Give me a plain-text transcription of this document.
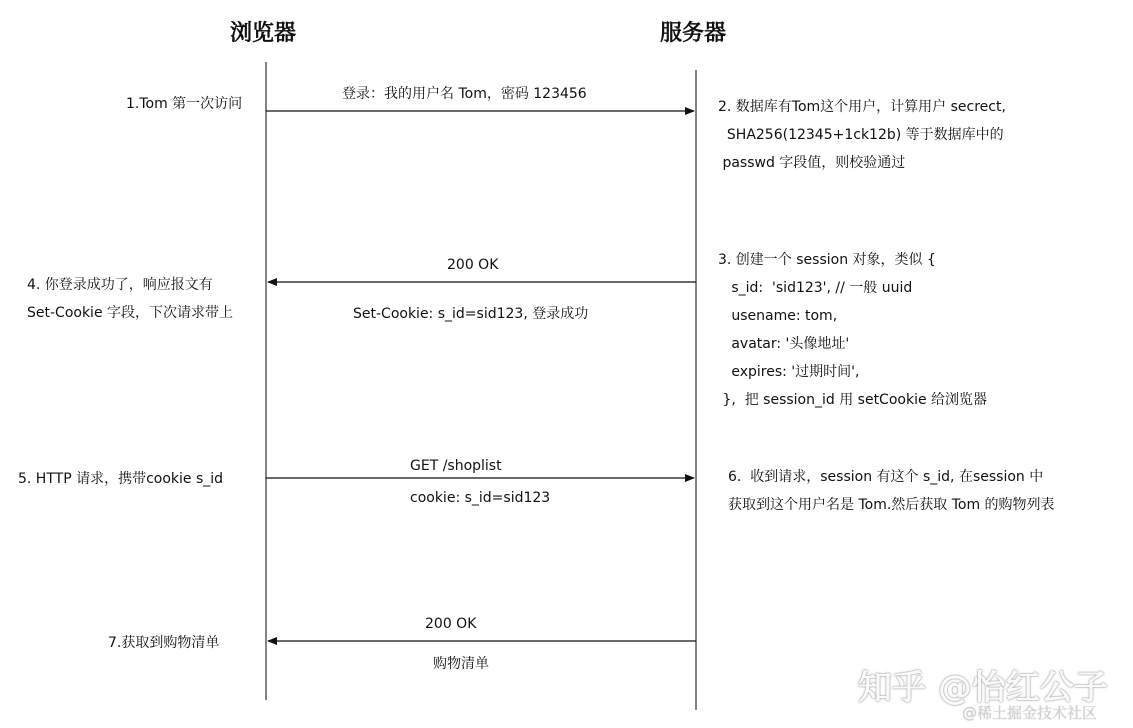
浏览器	服务器
1.Tom 第一次访问
登录：我的用户名 Tom，密码 123456
2. 数据库有Tom这个用户，计算用户 secrect,
SHA256(12345+1ck12b) 等于数据库中的
passwd 字段值，则校验通过
200 OK
Set-Cookie: s_id=sid123, 登录成功
3. 创建一个 session 对象，类似 {
s_id:  'sid123', // 一般 uuid
usename: tom,
avatar: '头像地址'
expires: '过期时间',
},  把 session_id 用 setCookie 给浏览器
4. 你登录成功了，响应报文有
Set-Cookie 字段，下次请求带上
GET /shoplist
cookie: s_id=sid123
5. HTTP 请求，携带cookie s_id	6.  收到请求，session 有这个 s_id, 在session 中
获取到这个用户名是 Tom.然后获取 Tom 的购物列表
200 OK
购物清单
7.获取到购物清单
知乎 @怡红公子
@稀土掘金技术社区
